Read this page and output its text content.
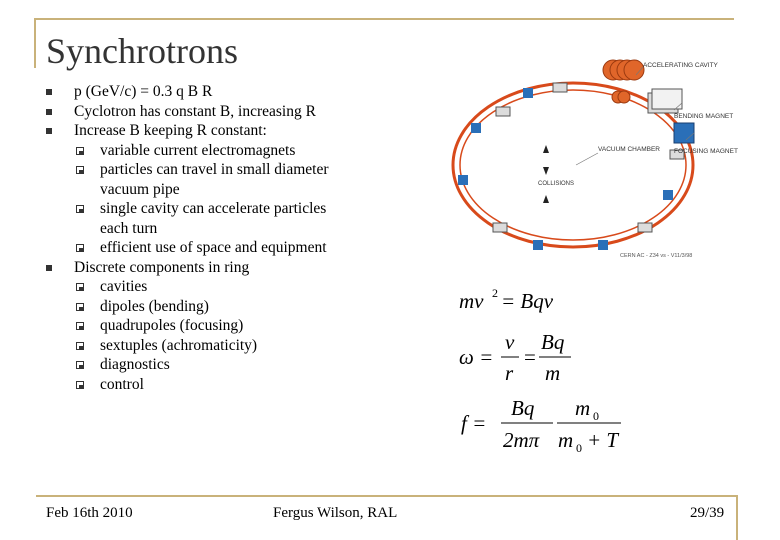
Synchrotrons
p (GeV/c) = 0.3 q B R
Cyclotron has constant B, increasing R
Increase B keeping R constant:
variable current electromagnets
particles can travel in small diameter
vacuum pipe
single cavity can accelerate particles
each turn
efficient use of space and equipment
Discrete components in ring
cavities
dipoles (bending)
quadrupoles (focusing)
sextuples (achromaticity)
diagnostics
control
ACCELERATING CAVITY
BENDING MAGNET
VACUUM CHAMBER FOCUSING MAGNET
COLLISIONS
CERN AC - Z34 vs - V11/3/98
mv 2 = Bqv
ω =
v
r
=
Bq
m
f =
Bq
2mπ
m 0
m 0 + T
Feb 16th 2010	Fergus Wilson, RAL	29/39
